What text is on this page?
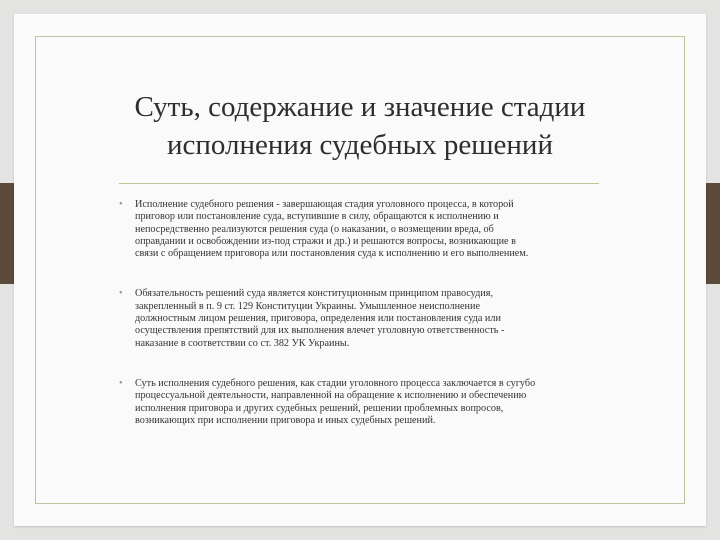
Суть, содержание и значение стадии
исполнения судебных решений
• Исполнение судебного решения - завершающая стадия уголовного процесса, в которой
приговор или постановление суда, вступившие в силу, обращаются к исполнению и
непосредственно реализуются решения суда (о наказании, о возмещении вреда, об
оправдании и освобождении из-под стражи и др.) и решаются вопросы, возникающие в
связи с обращением приговора или постановления суда к исполнению и его выполнением.
• Обязательность решений суда является конституционным принципом правосудия,
закрепленный в п. 9 ст. 129 Конституции Украины. Умышленное неисполнение
должностным лицом решения, приговора, определения или постановления суда или
осуществления препятствий для их выполнения влечет уголовную ответственность -
наказание в соответствии со ст. 382 УК Украины.
• Суть исполнения судебного решения, как стадии уголовного процесса заключается в сугубо
процессуальной деятельности, направленной на обращение к исполнению и обеспечению
исполнения приговора и других судебных решений, решении проблемных вопросов,
возникающих при исполнении приговора и иных судебных решений.
